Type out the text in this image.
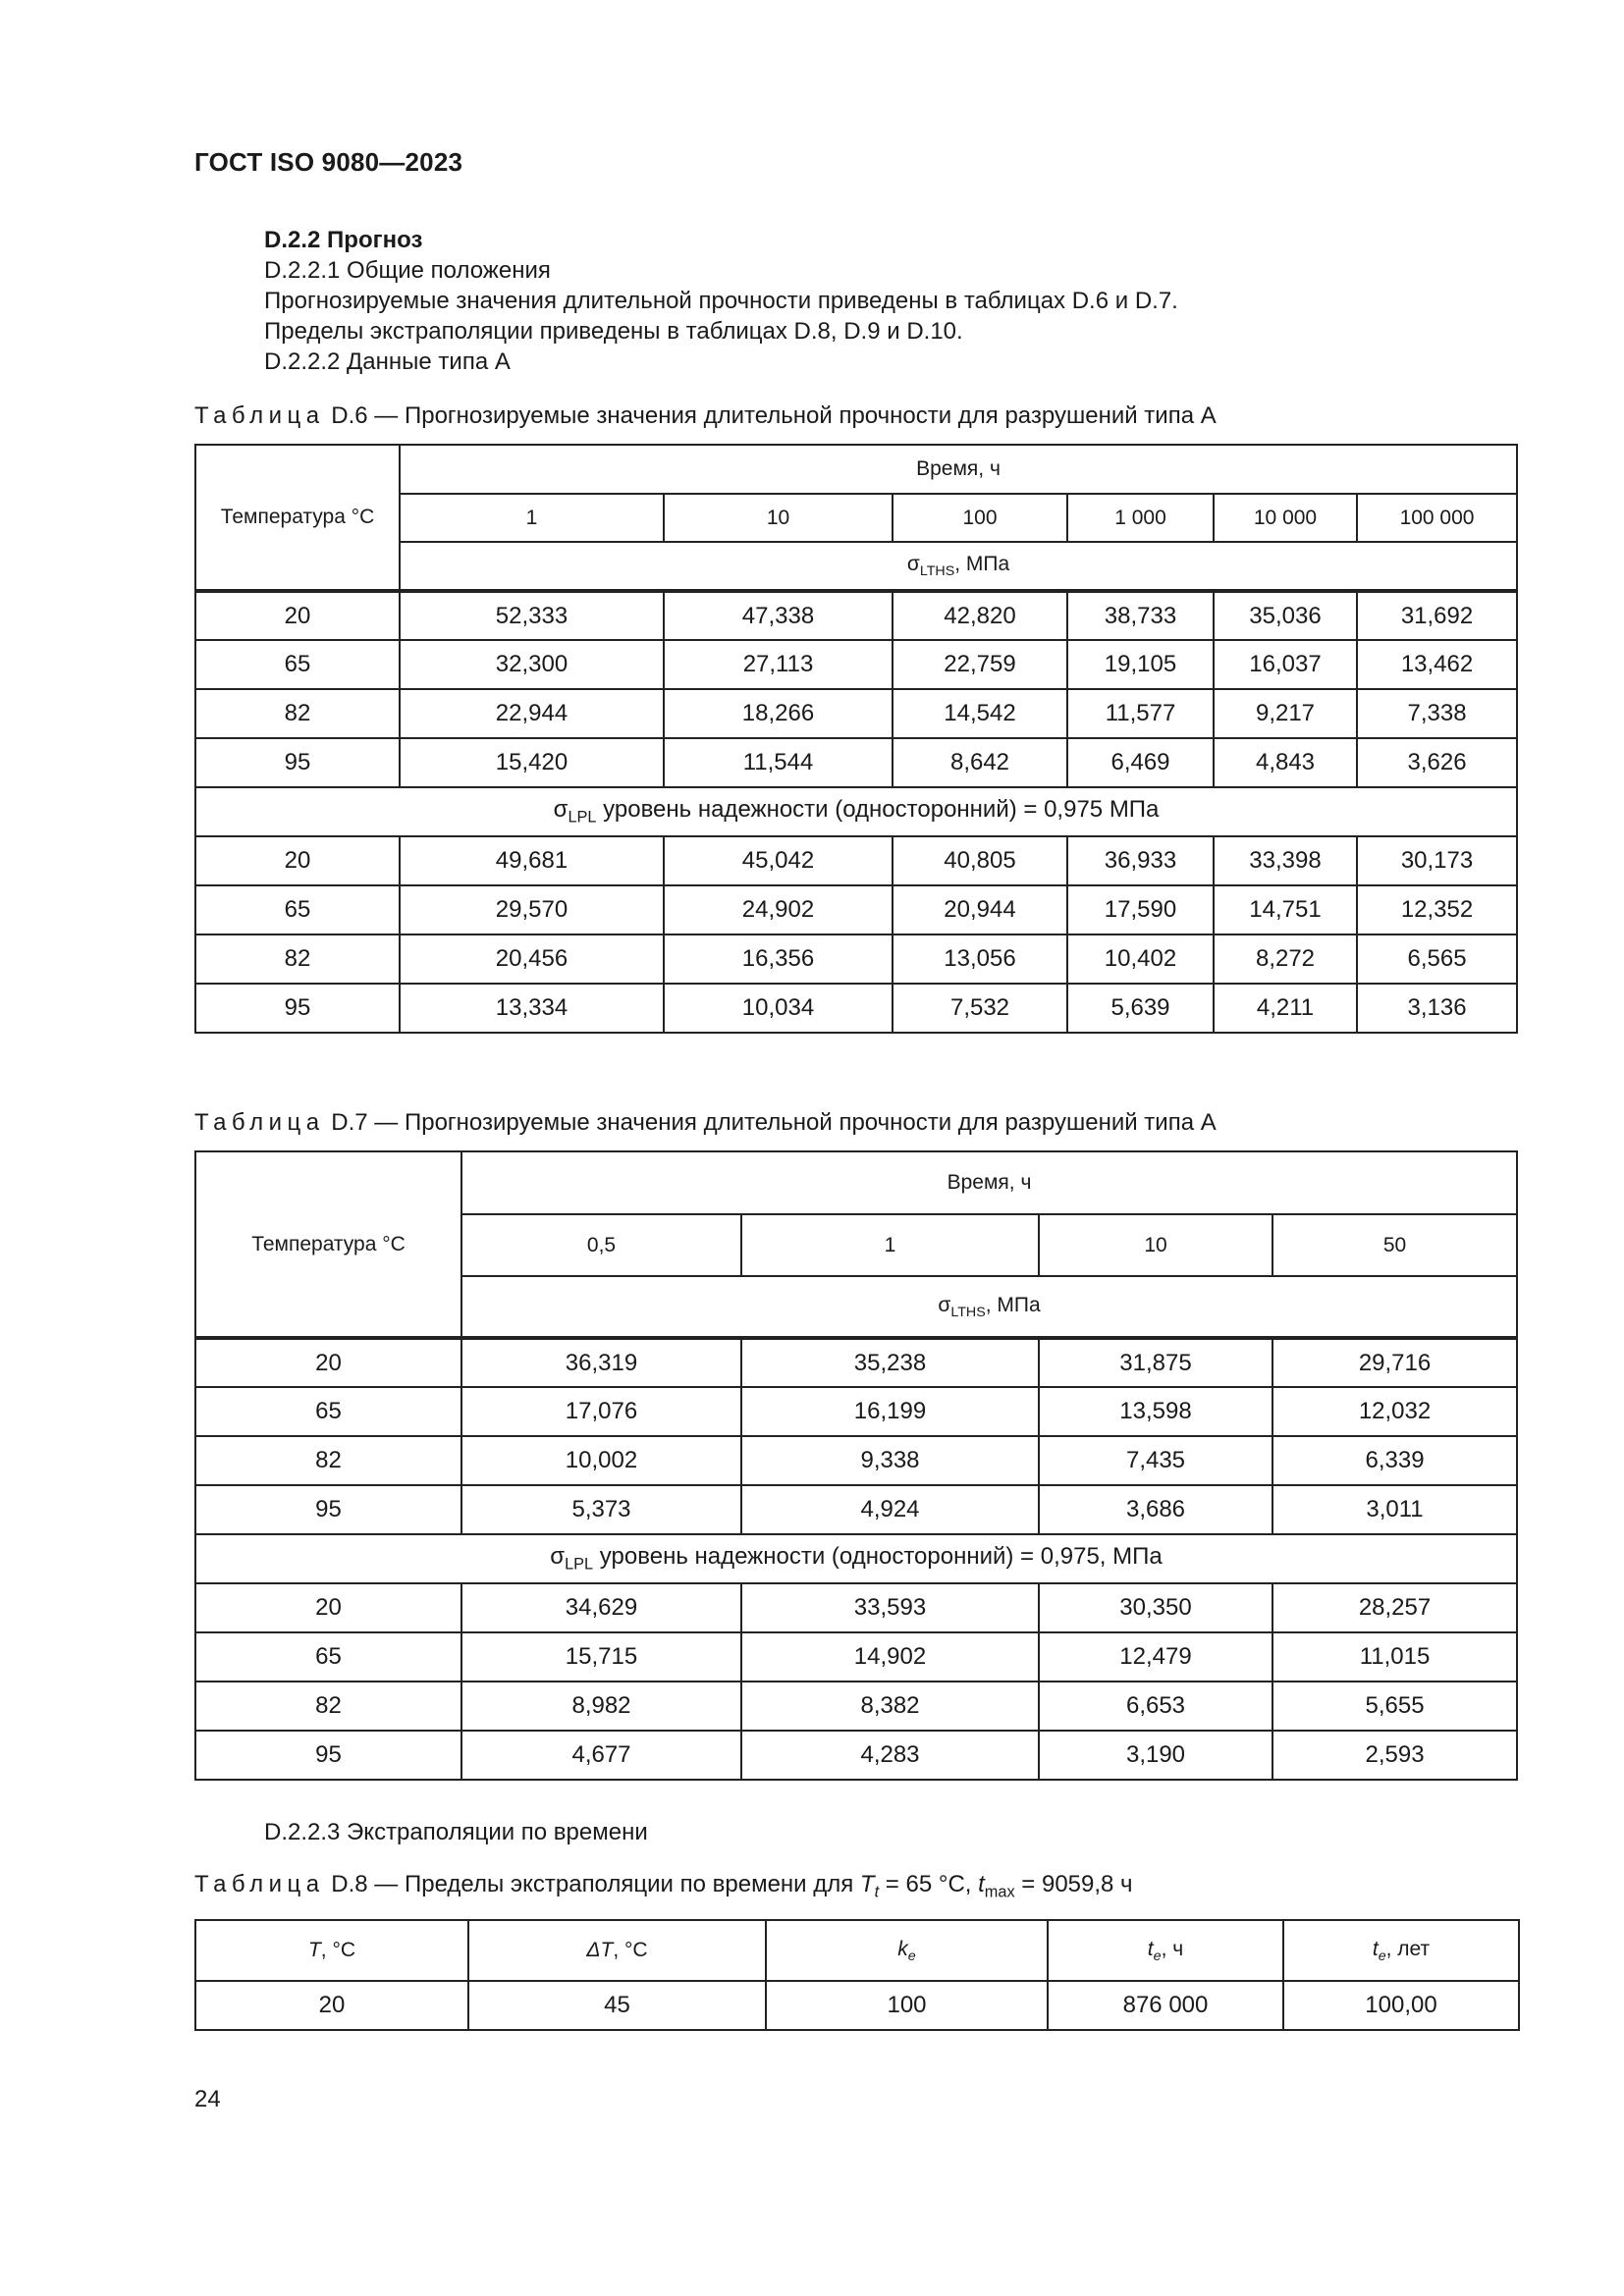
ГОСТ ISO 9080—2023
D.2.2 Прогноз
D.2.2.1 Общие положения
Прогнозируемые значения длительной прочности приведены в таблицах D.6 и D.7.
Пределы экстраполяции приведены в таблицах D.8, D.9 и D.10.
D.2.2.2 Данные типа А
Таблица D.6 — Прогнозируемые значения длительной прочности для разрушений типа А
Температура °С	Время, ч					
	1	10	100	1 000	10 000	100 000
	$\sigma_{LTHS}$, МПа					
20	52,333	47,338	42,820	38,733	35,036	31,692
65	32,300	27,113	22,759	19,105	16,037	13,462
82	22,944	18,266	14,542	11,577	9,217	7,338
95	15,420	11,544	8,642	6,469	4,843	3,626
$\sigma_{LPL}$ уровень надежности (односторонний) = 0,975 МПа						
20	49,681	45,042	40,805	36,933	33,398	30,173
65	29,570	24,902	20,944	17,590	14,751	12,352
82	20,456	16,356	13,056	10,402	8,272	6,565
95	13,334	10,034	7,532	5,639	4,211	3,136
Таблица D.7 — Прогнозируемые значения длительной прочности для разрушений типа А
Температура °С	Время, ч			
	0,5	1	10	50
	$\sigma_{LTHS}$, МПа			
20	36,319	35,238	31,875	29,716
65	17,076	16,199	13,598	12,032
82	10,002	9,338	7,435	6,339
95	5,373	4,924	3,686	3,011
$\sigma_{LPL}$ уровень надежности (односторонний) = 0,975, МПа				
20	34,629	33,593	30,350	28,257
65	15,715	14,902	12,479	11,015
82	8,982	8,382	6,653	5,655
95	4,677	4,283	3,190	2,593
D.2.2.3 Экстраполяции по времени
Таблица D.8 — Пределы экстраполяции по времени для $T_t = 65$ °С, $t_{max} = 9059,8$ ч
T, °С	ΔT, °С	$k_e$	$t_e$, ч	$t_e$, лет
20	45	100	876 000	100,00
24
